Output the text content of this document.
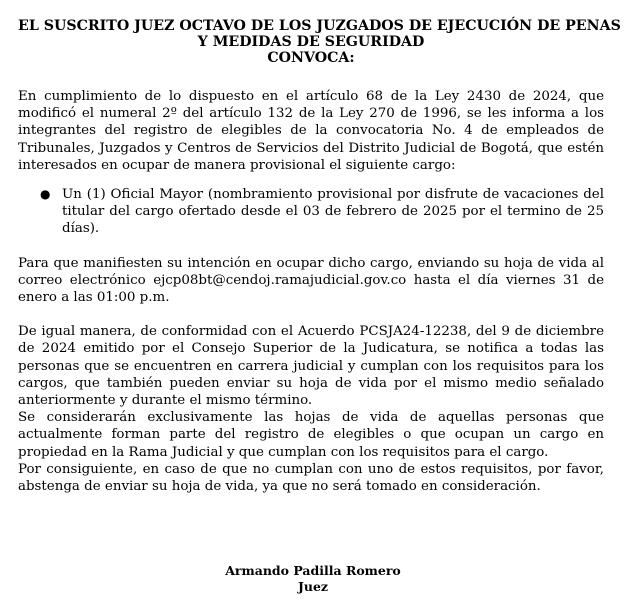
EL SUSCRITO JUEZ OCTAVO DE LOS JUZGADOS DE EJECUCIÓN DE PENAS
Y MEDIDAS DE SEGURIDAD
CONVOCA:

En cumplimiento de lo dispuesto en el artículo 68 de la Ley 2430 de 2024, que modificó el numeral 2º del artículo 132 de la Ley 270 de 1996, se les informa a los integrantes del registro de elegibles de la convocatoria No. 4 de empleados de Tribunales, Juzgados y Centros de Servicios del Distrito Judicial de Bogotá, que estén interesados en ocupar de manera provisional el siguiente cargo:

● Un (1) Oficial Mayor (nombramiento provisional por disfrute de vacaciones del titular del cargo ofertado desde el 03 de febrero de 2025 por el termino de 25 días).

Para que manifiesten su intención en ocupar dicho cargo, enviando su hoja de vida al correo electrónico ejcp08bt@cendoj.ramajudicial.gov.co hasta el día viernes 31 de enero a las 01:00 p.m.

De igual manera, de conformidad con el Acuerdo PCSJA24-12238, del 9 de diciembre de 2024 emitido por el Consejo Superior de la Judicatura, se notifica a todas las personas que se encuentren en carrera judicial y cumplan con los requisitos para los cargos, que también pueden enviar su hoja de vida por el mismo medio señalado anteriormente y durante el mismo término.

Se considerarán exclusivamente las hojas de vida de aquellas personas que actualmente forman parte del registro de elegibles o que ocupan un cargo en propiedad en la Rama Judicial y que cumplan con los requisitos para el cargo.

Por consiguiente, en caso de que no cumplan con uno de estos requisitos, por favor, abstenga de enviar su hoja de vida, ya que no será tomado en consideración.

Armando Padilla Romero
Juez
